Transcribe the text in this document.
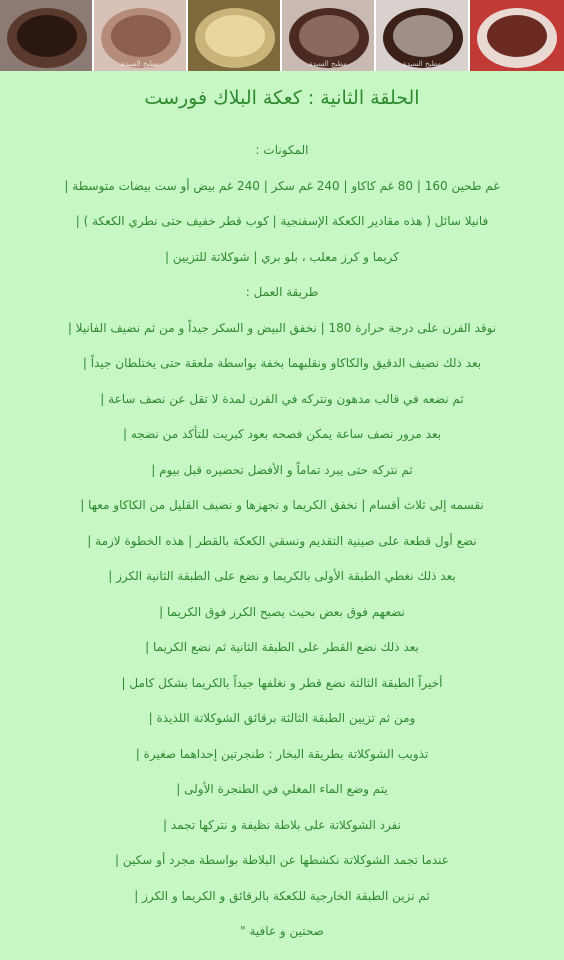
مطبخ السيدة	مطبخ السيدة	مطبخ السيدة
الحلقة الثانية : كعكة البلاك فورست
المكونات :
غم طحين 160 | 80 غم كاكاو | 240 غم سكر | 240 غم بيض أو ست بيضات متوسطة |
فانيلا سائل ( هذه مقادير الكعكة الإسفنجية | كوب قطر خفيف حتى نطري الكعكة ) |
كريما و كرز معلب ، بلو بري | شوكلاتة للتزيين |
طريقة العمل :
نوقد الفرن على درجة حرارة 180 | نخفق البيض و السكر جيداً و من ثم نضيف الفانيلا |
بعد ذلك نضيف الدقيق والكاكاو ونقلبهما بخفة بواسطة ملعقة حتى يختلطان جيداً |
ثم نضعه في قالب مدهون ونتركه في الفرن لمدة لا تقل عن نصف ساعة |
بعد مرور نصف ساعة يمكن فصحه بعود كبريت للتأكد من نضجه |
ثم نتركه حتى يبرد تماماً و الأفضل تحضيره قبل بيوم |
نقسمه إلى ثلاث أقسام | نخفق الكريما و نجهزها و نضيف القليل من الكاكاو معها |
نضع أول قطعة على صينية التقديم ونسقي الكعكة بالقطر | هذه الخطوة لازمة |
بعد ذلك نغطي الطبقة الأولى بالكريما و نضع على الطبقة الثانية الكرز |
نضعهم فوق بعض بحيث يصبح الكرز فوق الكريما |
بعد ذلك نضع القطر على الطبقة الثانية ثم نضع الكريما |
أخيراً الطبقة الثالثة نضع قطر و نغلفها جيداً بالكريما بشكل كامل |
ومن ثم تزيين الطبقة الثالثة برقائق الشوكلاتة اللذيذة |
تذويب الشوكلاتة بطريقة البخار : طنجرتين إحداهما صغيرة |
يتم وضع الماء المغلي في الطنجرة الأولى |
نفرد الشوكلاتة على بلاطة نظيفة و نتركها تجمد |
عندما تجمد الشوكلاتة نكشطها عن البلاطة بواسطة مجرد أو سكين |
ثم نزين الطبقة الخارجية للكعكة بالرقائق و الكريما و الكرز |
صحتين و عافية "
